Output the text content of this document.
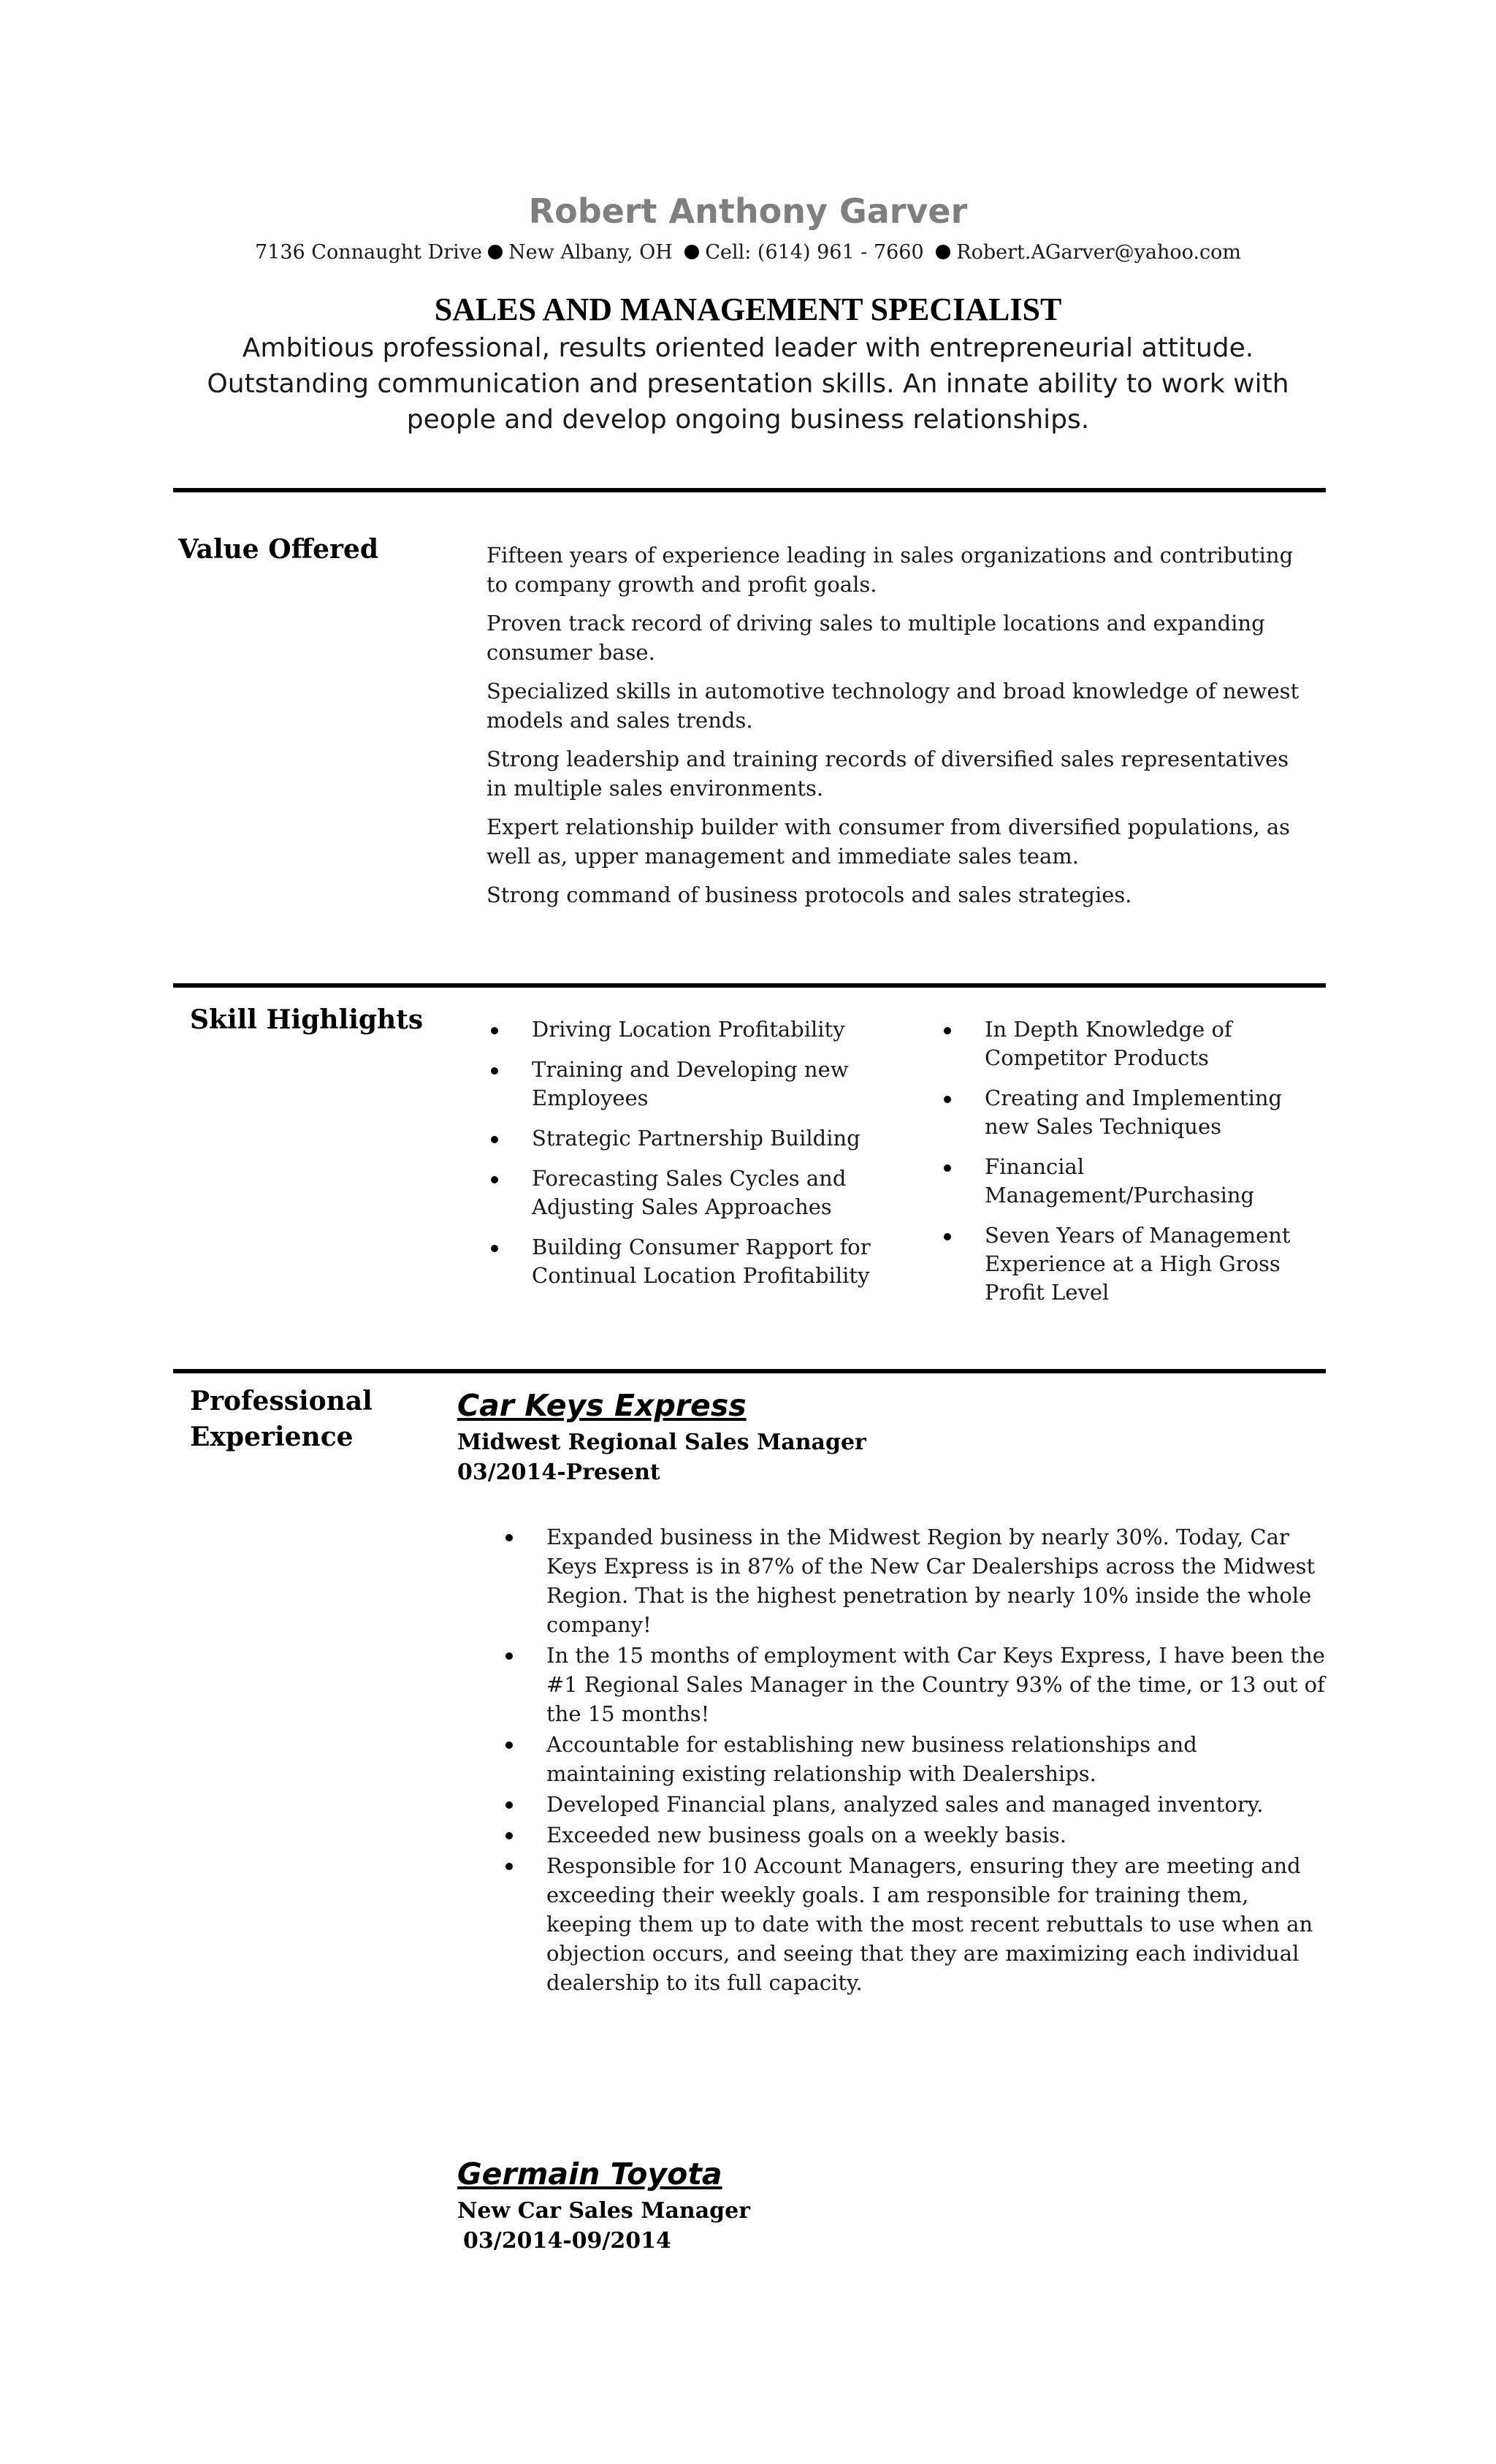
Robert Anthony Garver
7136 Connaught Drive New Albany, OH Cell: (614) 961 - 7660 Robert.AGarver@yahoo.com
SALES AND MANAGEMENT SPECIALIST
Ambitious professional, results oriented leader with entrepreneurial attitude. Outstanding communication and presentation skills. An innate ability to work with people and develop ongoing business relationships.
Value Offered	Fifteen years of experience leading in sales organizations and contributing to company growth and profit goals.

Proven track record of driving sales to multiple locations and expanding consumer base.

Specialized skills in automotive technology and broad knowledge of newest models and sales trends.

Strong leadership and training records of diversified sales representatives in multiple sales environments.

Expert relationship builder with consumer from diversified populations, as well as, upper management and immediate sales team.

Strong command of business protocols and sales strategies.

Skill Highlights	Driving Location Profitability
Training and Developing new Employees
Strategic Partnership Building
Forecasting Sales Cycles and Adjusting Sales Approaches
Building Consumer Rapport for Continual Location Profitability
In Depth Knowledge of Competitor Products
Creating and Implementing new Sales Techniques
Financial Management/Purchasing
Seven Years of Management Experience at a High Gross Profit Level
Professional
Experience
Car Keys Express
Midwest Regional Sales Manager
03/2014-Present
Expanded business in the Midwest Region by nearly 30%. Today, Car Keys Express is in 87% of the New Car Dealerships across the Midwest Region. That is the highest penetration by nearly 10% inside the whole company!
In the 15 months of employment with Car Keys Express, I have been the #1 Regional Sales Manager in the Country 93% of the time, or 13 out of the 15 months!
Accountable for establishing new business relationships and maintaining existing relationship with Dealerships.
Developed Financial plans, analyzed sales and managed inventory.
Exceeded new business goals on a weekly basis.
Responsible for 10 Account Managers, ensuring they are meeting and exceeding their weekly goals. I am responsible for training them, keeping them up to date with the most recent rebuttals to use when an objection occurs, and seeing that they are maximizing each individual dealership to its full capacity.
Germain Toyota
New Car Sales Manager
03/2014-09/2014
